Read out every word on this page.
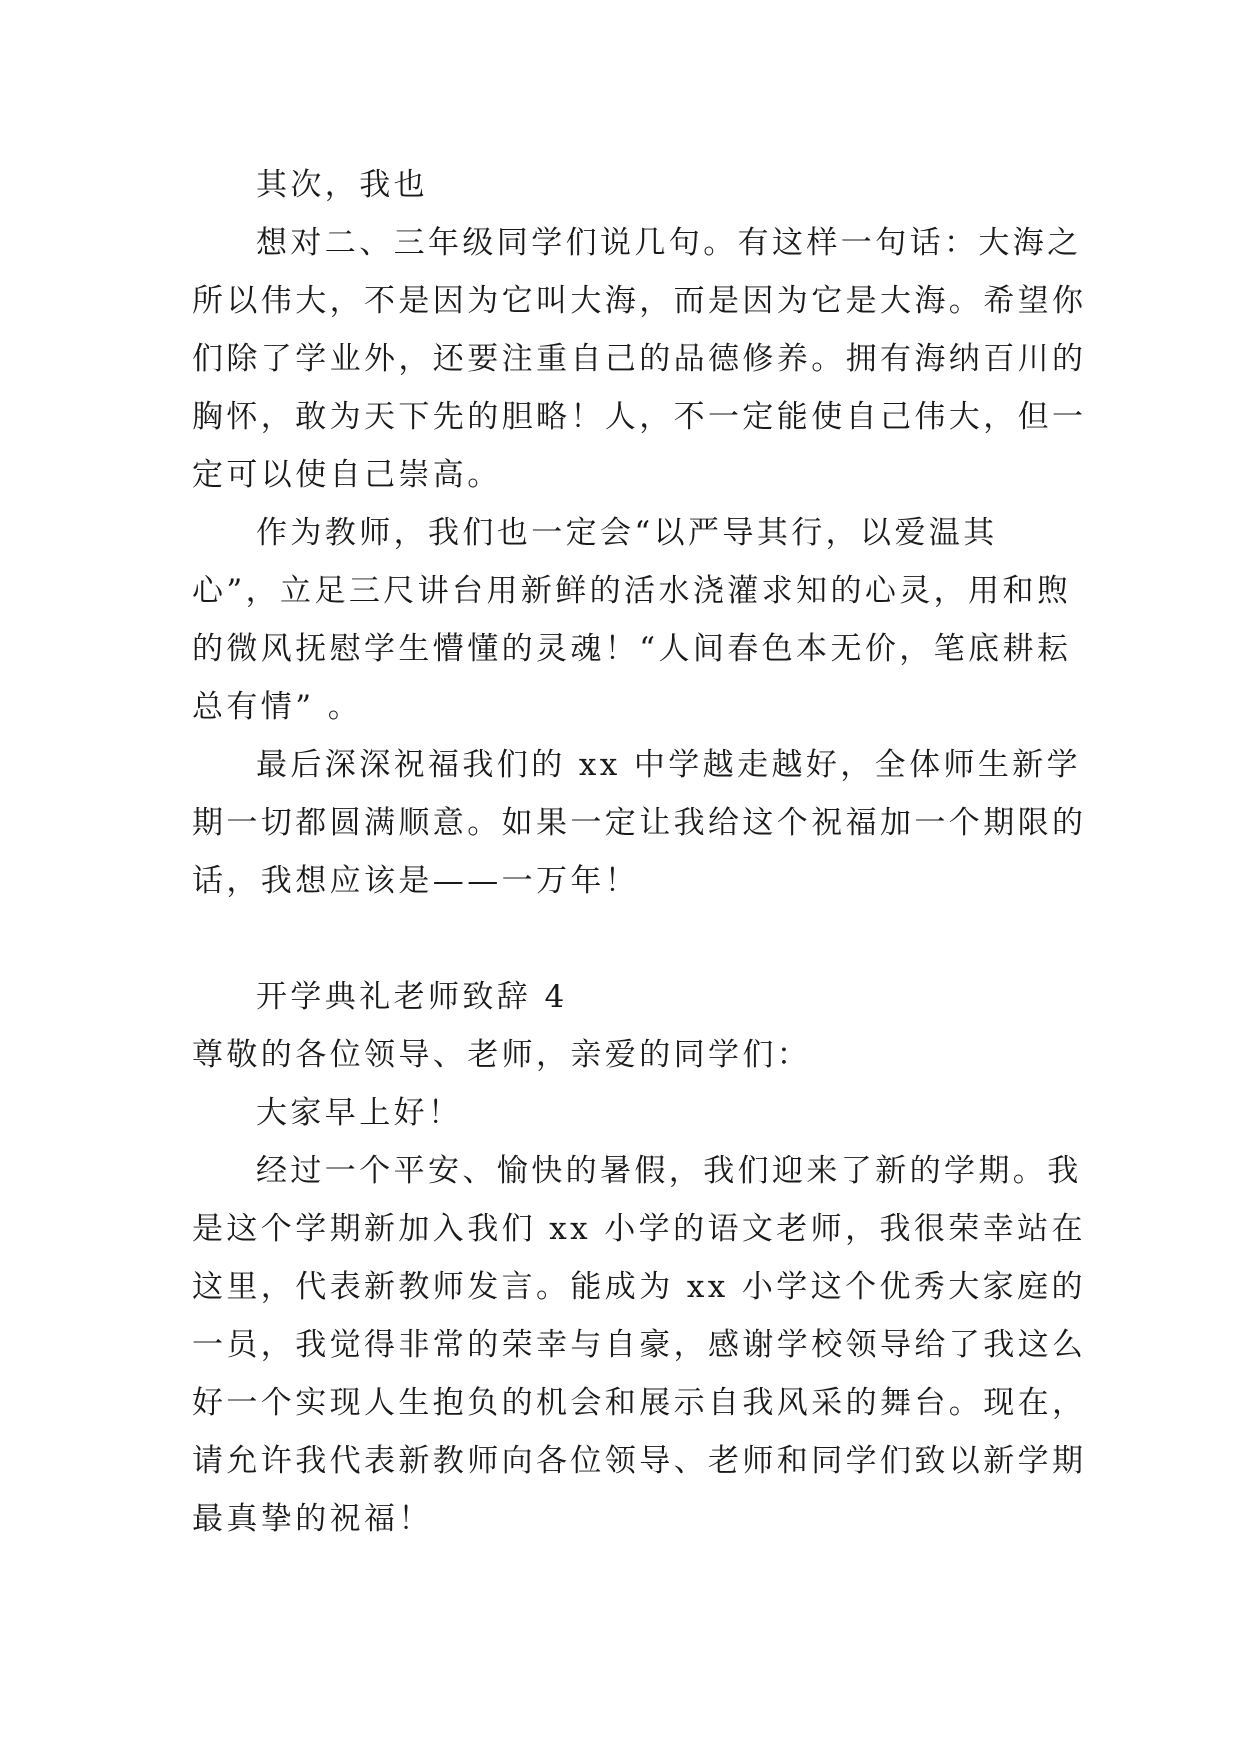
其次，我也
想对二、三年级同学们说几句。有这样一句话：大海之
所以伟大，不是因为它叫大海，而是因为它是大海。希望你
们除了学业外，还要注重自己的品德修养。拥有海纳百川的
胸怀，敢为天下先的胆略！人，不一定能使自己伟大，但一
定可以使自己崇高。
作为教师，我们也一定会“以严导其行，以爱温其
心”，立足三尺讲台用新鲜的活水浇灌求知的心灵，用和煦
的微风抚慰学生懵懂的灵魂！“人间春色本无价，笔底耕耘
总有情” 。
最后深深祝福我们的 xx 中学越走越好，全体师生新学
期一切都圆满顺意。如果一定让我给这个祝福加一个期限的
话，我想应该是——一万年！
开学典礼老师致辞 4
尊敬的各位领导、老师，亲爱的同学们：
大家早上好！
经过一个平安、愉快的暑假，我们迎来了新的学期。我
是这个学期新加入我们 xx 小学的语文老师，我很荣幸站在
这里，代表新教师发言。能成为 xx 小学这个优秀大家庭的
一员，我觉得非常的荣幸与自豪，感谢学校领导给了我这么
好一个实现人生抱负的机会和展示自我风采的舞台。现在，
请允许我代表新教师向各位领导、老师和同学们致以新学期
最真挚的祝福！
